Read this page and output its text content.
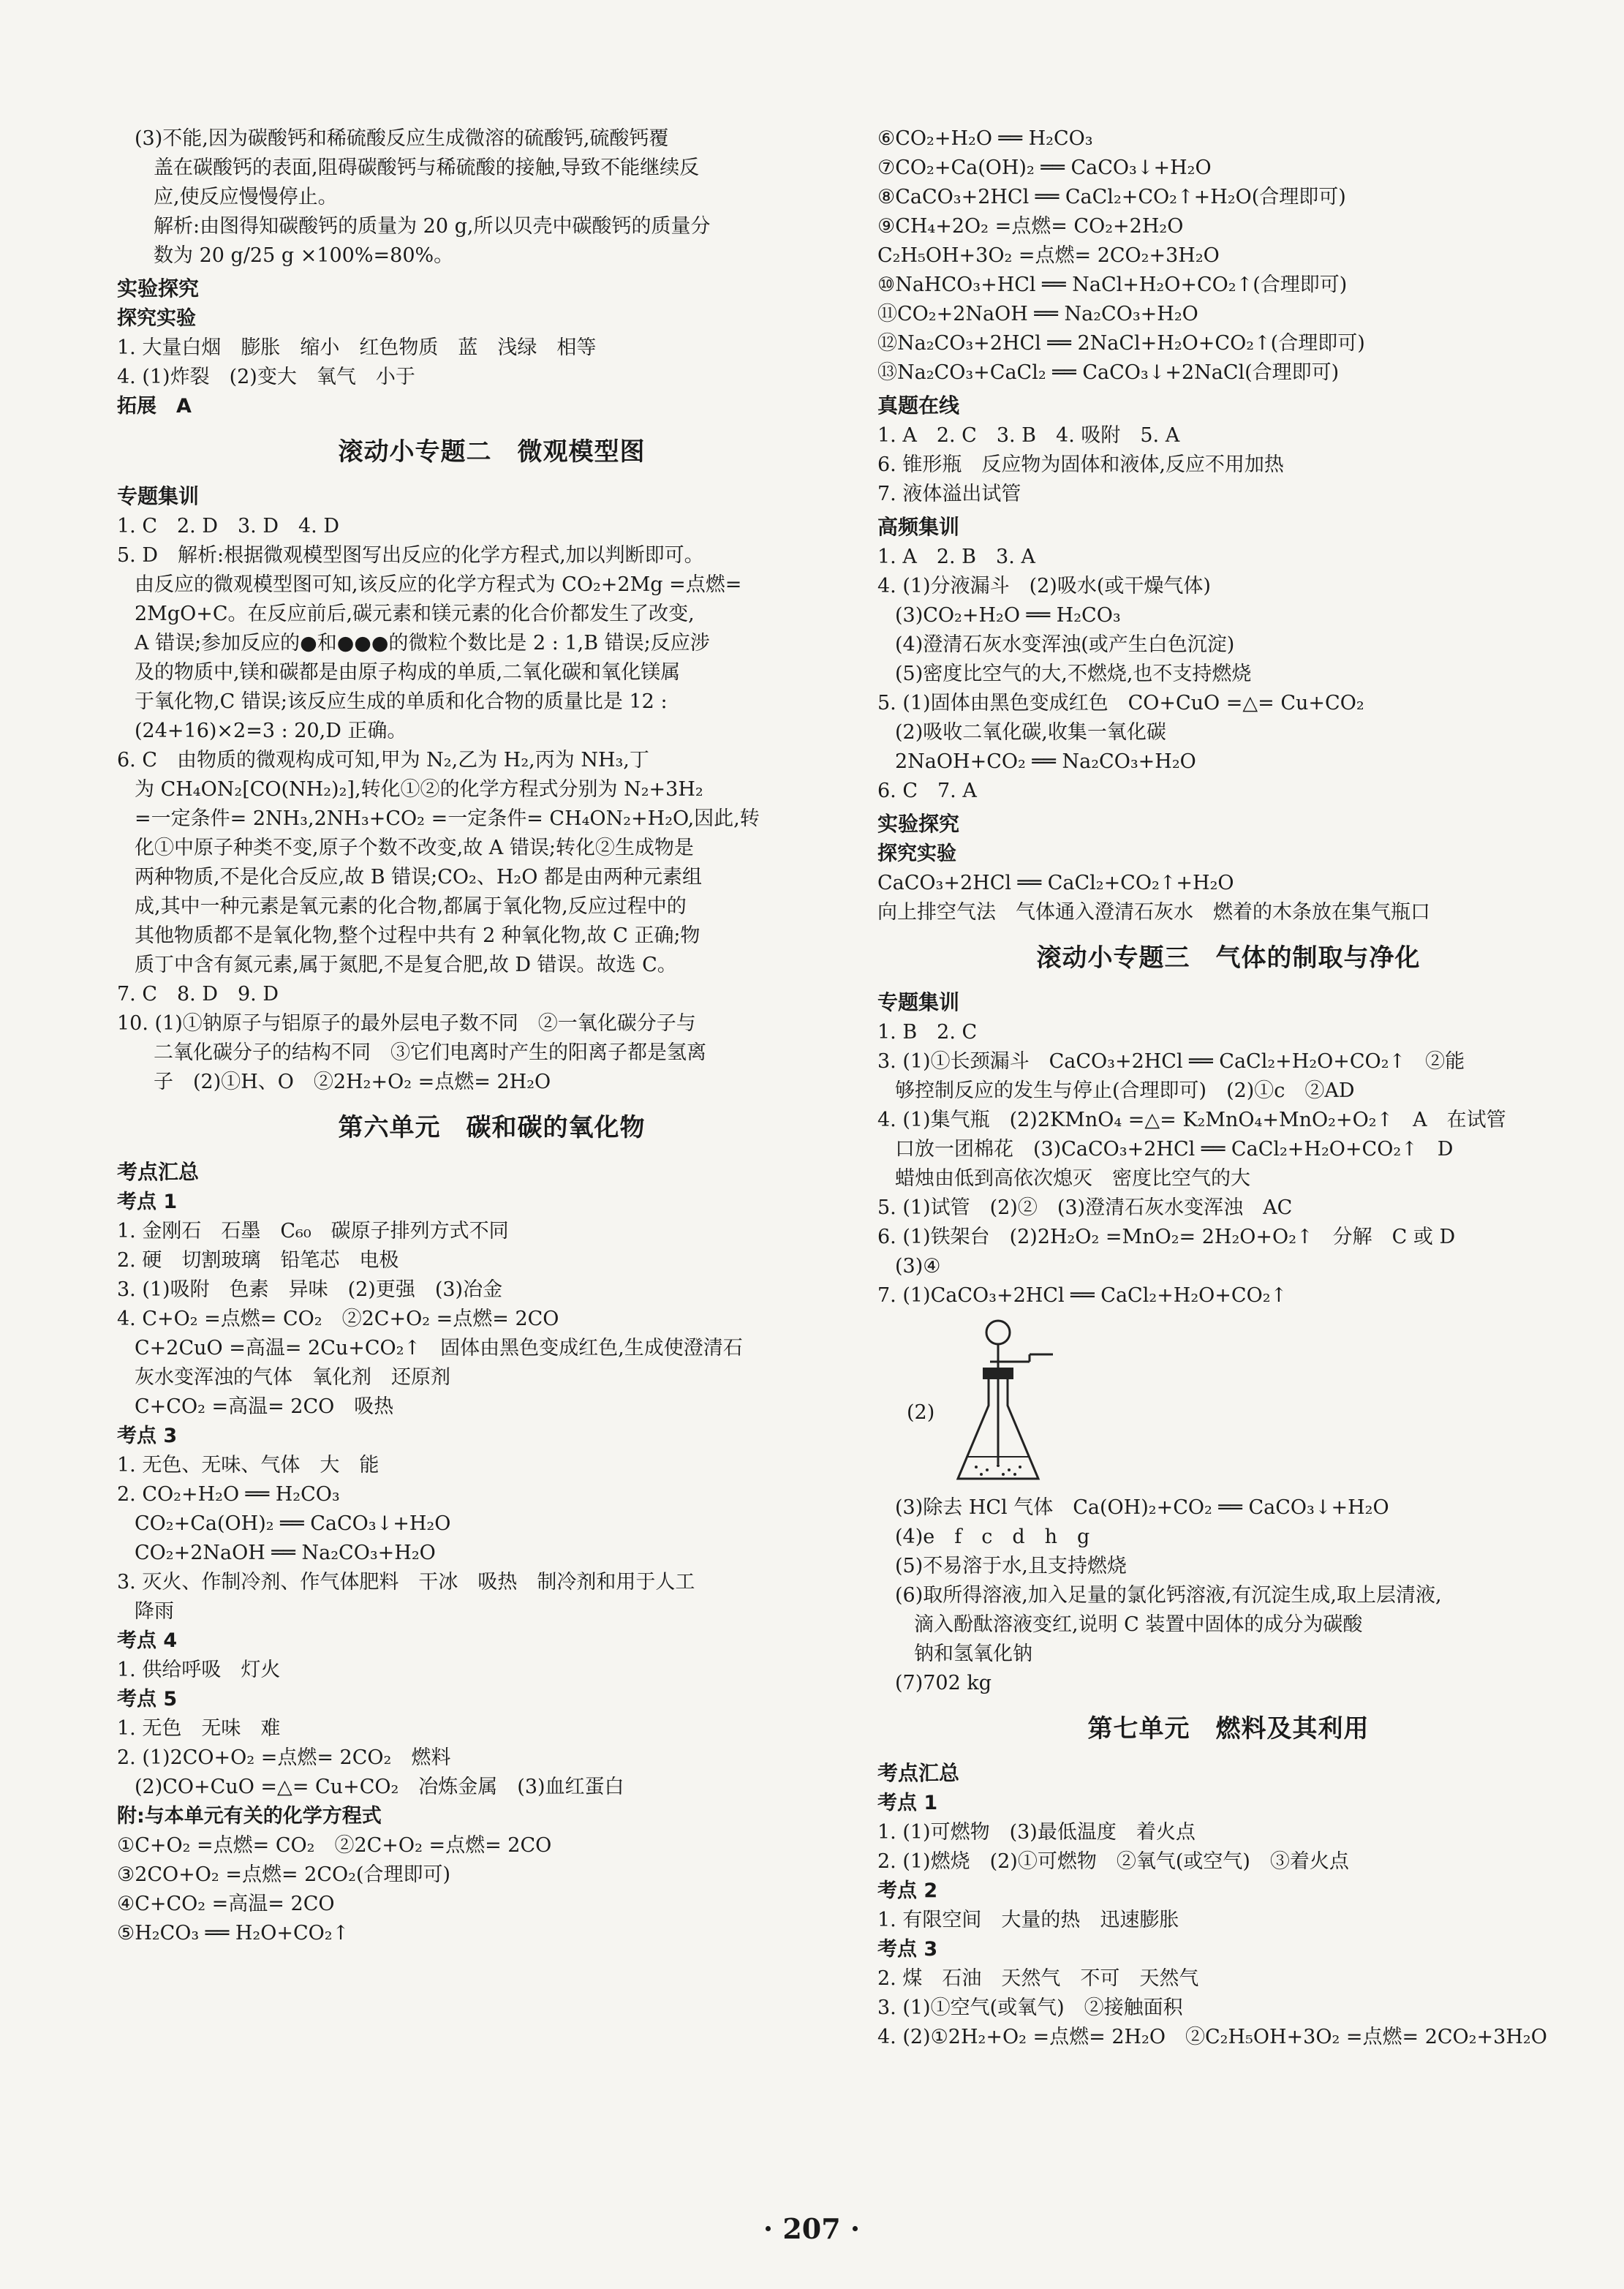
(3)不能,因为碳酸钙和稀硫酸反应生成微溶的硫酸钙,硫酸钙覆
盖在碳酸钙的表面,阻碍碳酸钙与稀硫酸的接触,导致不能继续反
应,使反应慢慢停止。
解析:由图得知碳酸钙的质量为 20 g,所以贝壳中碳酸钙的质量分
数为 20 g/25 g ×100%=80%。
实验探究
探究实验
1. 大量白烟　膨胀　缩小　红色物质　蓝　浅绿　相等
4. (1)炸裂　(2)变大　氧气　小于
拓展　A
滚动小专题二　微观模型图
专题集训
1. C　2. D　3. D　4. D
5. D　解析:根据微观模型图写出反应的化学方程式,加以判断即可。
由反应的微观模型图可知,该反应的化学方程式为 CO₂+2Mg =点燃=
2MgO+C。在反应前后,碳元素和镁元素的化合价都发生了改变,
A 错误;参加反应的●和●●●的微粒个数比是 2 : 1,B 错误;反应涉
及的物质中,镁和碳都是由原子构成的单质,二氧化碳和氧化镁属
于氧化物,C 错误;该反应生成的单质和化合物的质量比是 12 :
(24+16)×2=3 : 20,D 正确。
6. C　由物质的微观构成可知,甲为 N₂,乙为 H₂,丙为 NH₃,丁
为 CH₄ON₂[CO(NH₂)₂],转化①②的化学方程式分别为 N₂+3H₂
=一定条件= 2NH₃,2NH₃+CO₂ =一定条件= CH₄ON₂+H₂O,因此,转
化①中原子种类不变,原子个数不改变,故 A 错误;转化②生成物是
两种物质,不是化合反应,故 B 错误;CO₂、H₂O 都是由两种元素组
成,其中一种元素是氧元素的化合物,都属于氧化物,反应过程中的
其他物质都不是氧化物,整个过程中共有 2 种氧化物,故 C 正确;物
质丁中含有氮元素,属于氮肥,不是复合肥,故 D 错误。故选 C。
7. C　8. D　9. D
10. (1)①钠原子与铝原子的最外层电子数不同　②一氧化碳分子与
二氧化碳分子的结构不同　③它们电离时产生的阳离子都是氢离
子　(2)①H、O　②2H₂+O₂ =点燃= 2H₂O
第六单元　碳和碳的氧化物
考点汇总
考点 1
1. 金刚石　石墨　C₆₀　碳原子排列方式不同
2. 硬　切割玻璃　铅笔芯　电极
3. (1)吸附　色素　异味　(2)更强　(3)冶金
4. C+O₂ =点燃= CO₂　②2C+O₂ =点燃= 2CO
C+2CuO =高温= 2Cu+CO₂↑　固体由黑色变成红色,生成使澄清石
灰水变浑浊的气体　氧化剂　还原剂
C+CO₂ =高温= 2CO　吸热
考点 3
1. 无色、无味、气体　大　能
2. CO₂+H₂O ══ H₂CO₃
CO₂+Ca(OH)₂ ══ CaCO₃↓+H₂O
CO₂+2NaOH ══ Na₂CO₃+H₂O
3. 灭火、作制冷剂、作气体肥料　干冰　吸热　制冷剂和用于人工
降雨
考点 4
1. 供给呼吸　灯火
考点 5
1. 无色　无味　难
2. (1)2CO+O₂ =点燃= 2CO₂　燃料
(2)CO+CuO =△= Cu+CO₂　冶炼金属　(3)血红蛋白
附:与本单元有关的化学方程式
①C+O₂ =点燃= CO₂　②2C+O₂ =点燃= 2CO
③2CO+O₂ =点燃= 2CO₂(合理即可)
④C+CO₂ =高温= 2CO
⑤H₂CO₃ ══ H₂O+CO₂↑
⑥CO₂+H₂O ══ H₂CO₃
⑦CO₂+Ca(OH)₂ ══ CaCO₃↓+H₂O
⑧CaCO₃+2HCl ══ CaCl₂+CO₂↑+H₂O(合理即可)
⑨CH₄+2O₂ =点燃= CO₂+2H₂O
C₂H₅OH+3O₂ =点燃= 2CO₂+3H₂O
⑩NaHCO₃+HCl ══ NaCl+H₂O+CO₂↑(合理即可)
⑪CO₂+2NaOH ══ Na₂CO₃+H₂O
⑫Na₂CO₃+2HCl ══ 2NaCl+H₂O+CO₂↑(合理即可)
⑬Na₂CO₃+CaCl₂ ══ CaCO₃↓+2NaCl(合理即可)
真题在线
1. A　2. C　3. B　4. 吸附　5. A
6. 锥形瓶　反应物为固体和液体,反应不用加热
7. 液体溢出试管
高频集训
1. A　2. B　3. A
4. (1)分液漏斗　(2)吸水(或干燥气体)
(3)CO₂+H₂O ══ H₂CO₃
(4)澄清石灰水变浑浊(或产生白色沉淀)
(5)密度比空气的大,不燃烧,也不支持燃烧
5. (1)固体由黑色变成红色　CO+CuO =△= Cu+CO₂
(2)吸收二氧化碳,收集一氧化碳
2NaOH+CO₂ ══ Na₂CO₃+H₂O
6. C　7. A
实验探究
探究实验
CaCO₃+2HCl ══ CaCl₂+CO₂↑+H₂O
向上排空气法　气体通入澄清石灰水　燃着的木条放在集气瓶口
滚动小专题三　气体的制取与净化
专题集训
1. B　2. C
3. (1)①长颈漏斗　CaCO₃+2HCl ══ CaCl₂+H₂O+CO₂↑　②能
够控制反应的发生与停止(合理即可)　(2)①c　②AD
4. (1)集气瓶　(2)2KMnO₄ =△= K₂MnO₄+MnO₂+O₂↑　A　在试管
口放一团棉花　(3)CaCO₃+2HCl ══ CaCl₂+H₂O+CO₂↑　D
蜡烛由低到高依次熄灭　密度比空气的大
5. (1)试管　(2)②　(3)澄清石灰水变浑浊　AC
6. (1)铁架台　(2)2H₂O₂ =MnO₂= 2H₂O+O₂↑　分解　C 或 D
(3)④
7. (1)CaCO₃+2HCl ══ CaCl₂+H₂O+CO₂↑
(2)
(3)除去 HCl 气体　Ca(OH)₂+CO₂ ══ CaCO₃↓+H₂O
(4)e　f　c　d　h　g
(5)不易溶于水,且支持燃烧
(6)取所得溶液,加入足量的氯化钙溶液,有沉淀生成,取上层清液,
滴入酚酞溶液变红,说明 C 装置中固体的成分为碳酸
钠和氢氧化钠
(7)702 kg
第七单元　燃料及其利用
考点汇总
考点 1
1. (1)可燃物　(3)最低温度　着火点
2. (1)燃烧　(2)①可燃物　②氧气(或空气)　③着火点
考点 2
1. 有限空间　大量的热　迅速膨胀
考点 3
2. 煤　石油　天然气　不可　天然气
3. (1)①空气(或氧气)　②接触面积
4. (2)①2H₂+O₂ =点燃= 2H₂O　②C₂H₅OH+3O₂ =点燃= 2CO₂+3H₂O
· 207 ·
